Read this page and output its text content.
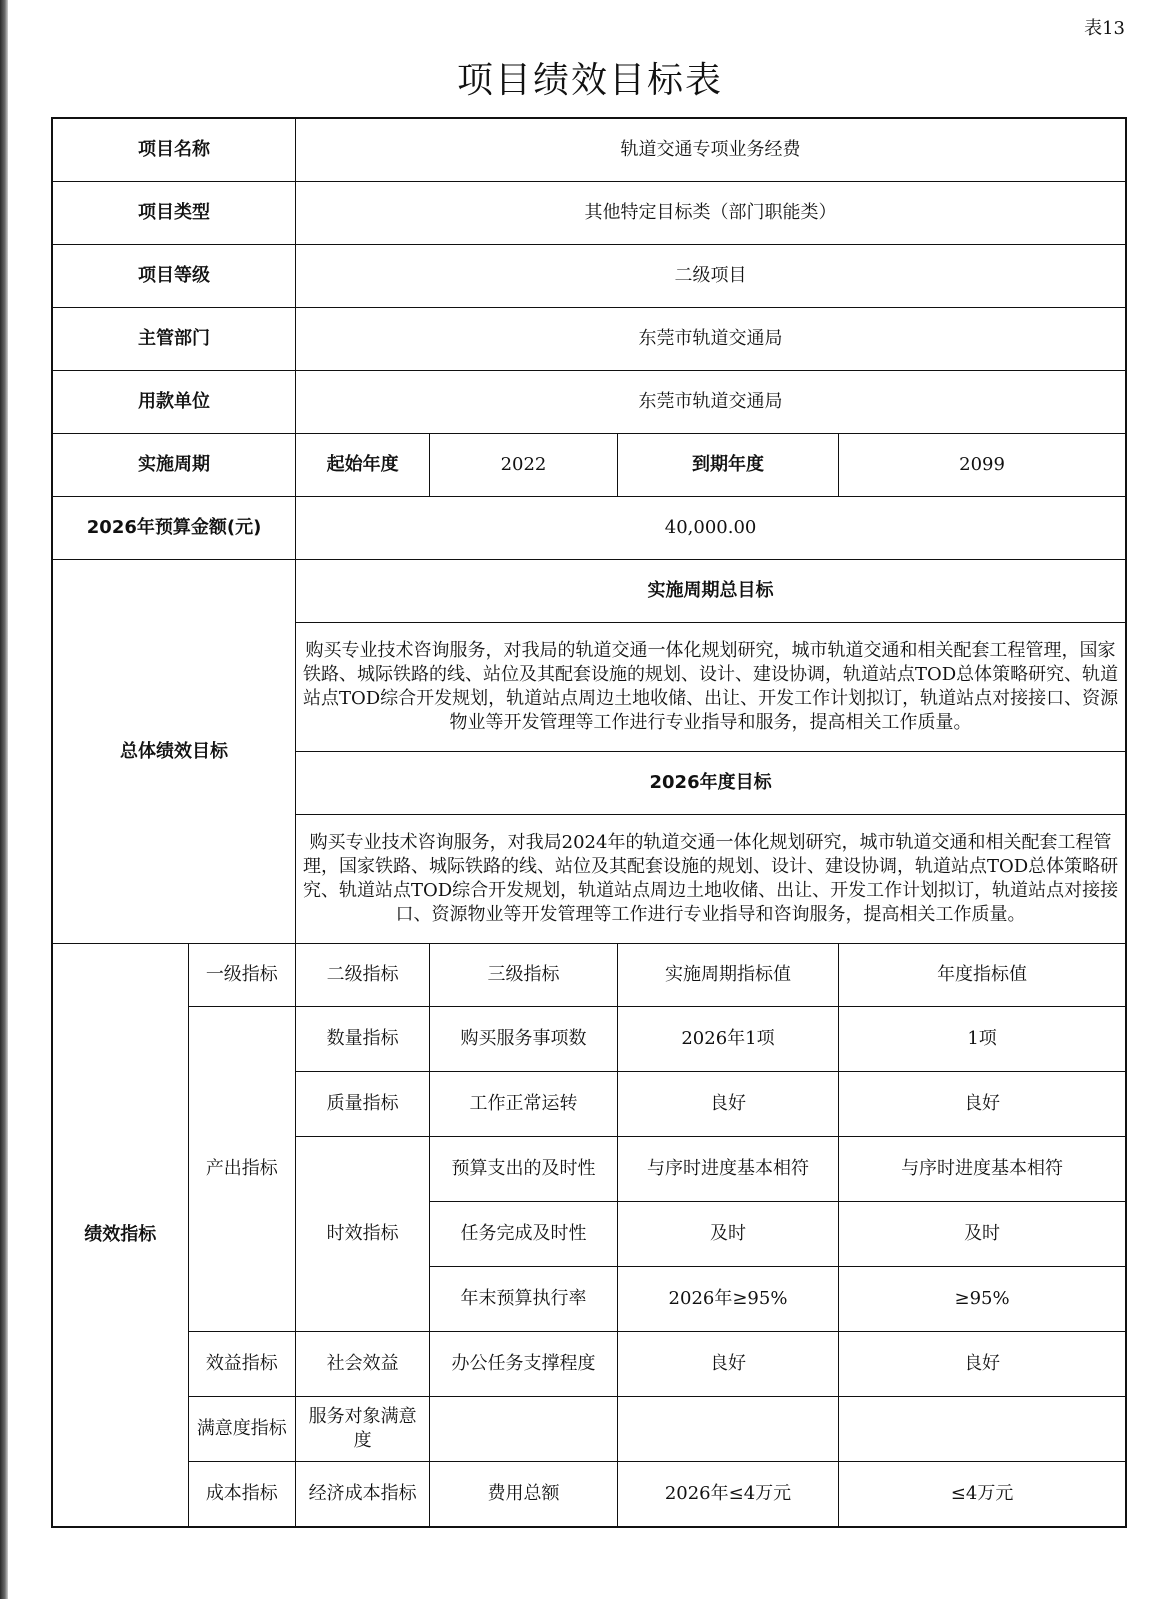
表13
项目绩效目标表
项目名称		轨道交通专项业务经费			
项目类型		其他特定目标类（部门职能类）			
项目等级		二级项目			
主管部门		东莞市轨道交通局			
用款单位		东莞市轨道交通局			
实施周期		起始年度	2022	到期年度	2099
2026年预算金额(元)		40,000.00			
总体绩效目标		实施周期总目标			
		购买专业技术咨询服务，对我局的轨道交通一体化规划研究，城市轨道交通和相关配套工程管理，国家铁路、城际铁路的线、站位及其配套设施的规划、设计、建设协调，轨道站点TOD总体策略研究、轨道站点TOD综合开发规划，轨道站点周边土地收储、出让、开发工作计划拟订，轨道站点对接接口、资源物业等开发管理等工作进行专业指导和服务，提高相关工作质量。			
		2026年度目标			
		购买专业技术咨询服务，对我局2024年的轨道交通一体化规划研究，城市轨道交通和相关配套工程管理，国家铁路、城际铁路的线、站位及其配套设施的规划、设计、建设协调，轨道站点TOD总体策略研究、轨道站点TOD综合开发规划，轨道站点周边土地收储、出让、开发工作计划拟订，轨道站点对接接口、资源物业等开发管理等工作进行专业指导和咨询服务，提高相关工作质量。			
绩效指标	一级指标	二级指标	三级指标	实施周期指标值	年度指标值
	产出指标	数量指标	购买服务事项数	2026年1项	1项
		质量指标	工作正常运转	良好	良好
		时效指标	预算支出的及时性	与序时进度基本相符	与序时进度基本相符
			任务完成及时性	及时	及时
			年末预算执行率	2026年≥95%	≥95%
	效益指标	社会效益	办公任务支撑程度	良好	良好
	满意度指标	服务对象满意度			
	成本指标	经济成本指标	费用总额	2026年≤4万元	≤4万元
